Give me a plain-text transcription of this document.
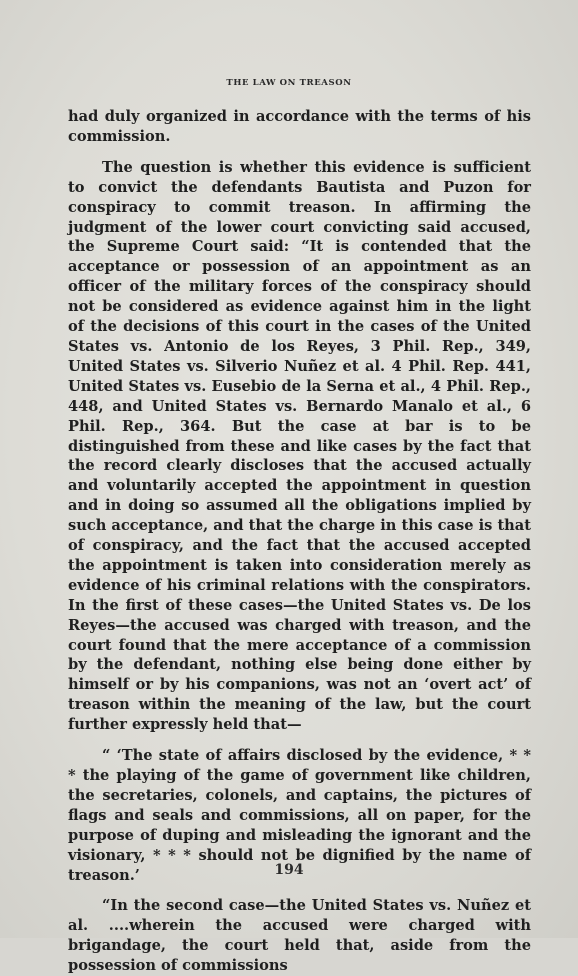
THE LAW ON TREASON

had duly organized in accordance with the terms of his commission.

The question is whether this evidence is sufficient to convict the defendants Bautista and Puzon for conspiracy to commit treason. In affirming the judgment of the lower court convicting said accused, the Supreme Court said: “It is contended that the acceptance or possession of an appointment as an officer of the military forces of the conspiracy should not be considered as evidence against him in the light of the decisions of this court in the cases of the United States vs. Antonio de los Reyes, 3 Phil. Rep., 349, United States vs. Silverio Nuñez et al. 4 Phil. Rep. 441, United States vs. Eusebio de la Serna et al., 4 Phil. Rep., 448, and United States vs. Bernardo Manalo et al., 6 Phil. Rep., 364. But the case at bar is to be distinguished from these and like cases by the fact that the record clearly discloses that the accused actually and voluntarily accepted the appointment in question and in doing so assumed all the obligations implied by such acceptance, and that the charge in this case is that of conspiracy, and the fact that the accused accepted the appointment is taken into consideration merely as evidence of his criminal relations with the conspirators. In the first of these cases—the United States vs. De los Reyes—the accused was charged with treason, and the court found that the mere acceptance of a commission by the defendant, nothing else being done either by himself or by his companions, was not an ‘overt act’ of treason within the meaning of the law, but the court further expressly held that—

“ ‘The state of affairs disclosed by the evidence, * * * the playing of the game of government like children, the secretaries, colonels, and captains, the pictures of flags and seals and commissions, all on paper, for the purpose of duping and misleading the ignorant and the visionary, * * * should not be dignified by the name of treason.’

“In the second case—the United States vs. Nuñez et al. ....wherein the accused were charged with brigandage, the court held that, aside from the possession of commissions

194
